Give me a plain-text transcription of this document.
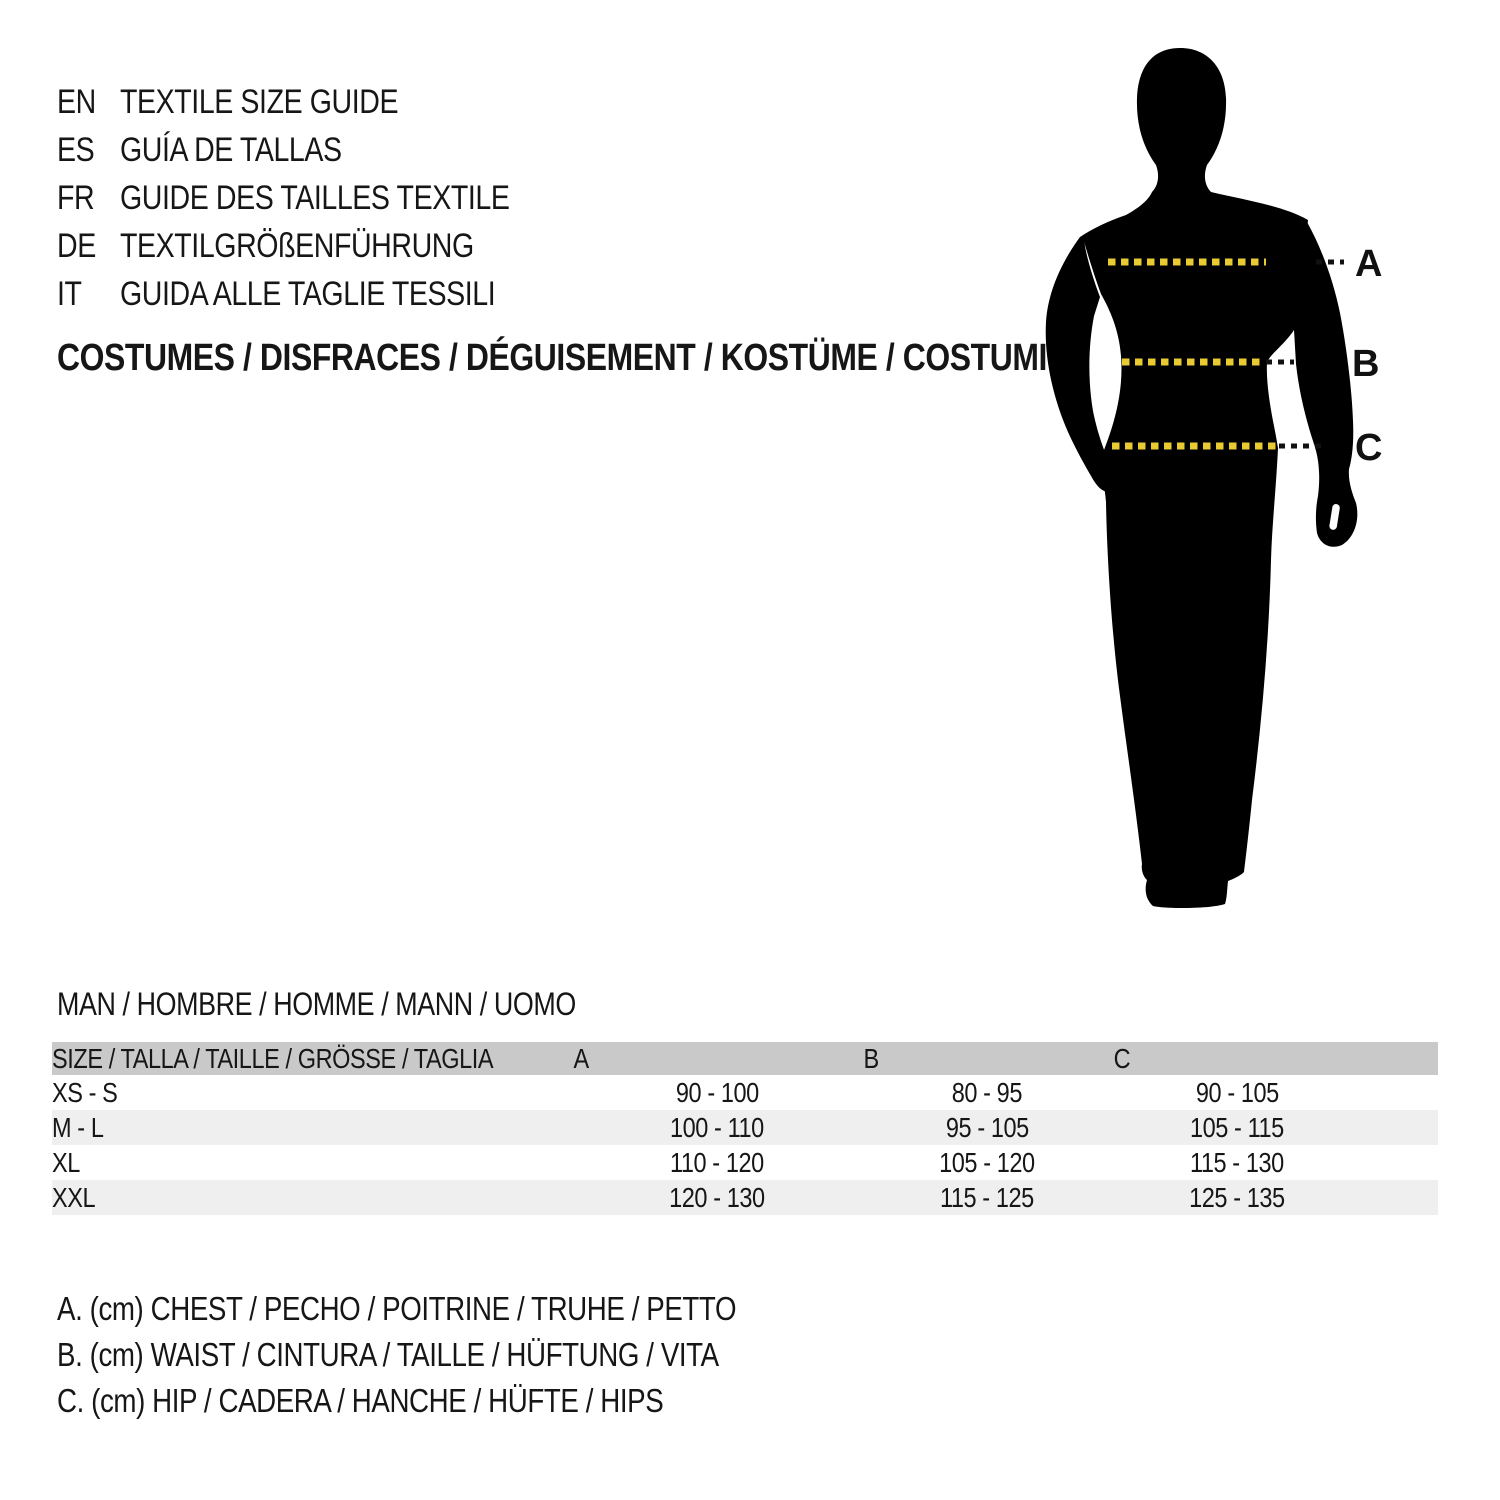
EN TEXTILE SIZE GUIDE
ES GUÍA DE TALLAS
FR GUIDE DES TAILLES TEXTILE
DE TEXTILGRÖßENFÜHRUNG
IT GUIDA ALLE TAGLIE TESSILI
COSTUMES / DISFRACES / DÉGUISEMENT / KOSTÜME / COSTUMI
A
B
C
MAN / HOMBRE / HOMME / MANN / UOMO
SIZE / TALLA / TAILLE / GRÖSSE / TAGLIA	A	B	C	
XS - S	90 - 100	80 - 95	90 - 105	
M - L	100 - 110	95 - 105	105 - 115	
XL	110 - 120	105 - 120	115 - 130	
XXL	120 - 130	115 - 125	125 - 135	
A. (cm) CHEST / PECHO / POITRINE / TRUHE / PETTO
B. (cm) WAIST / CINTURA / TAILLE / HÜFTUNG / VITA
C. (cm) HIP / CADERA / HANCHE / HÜFTE / HIPS
